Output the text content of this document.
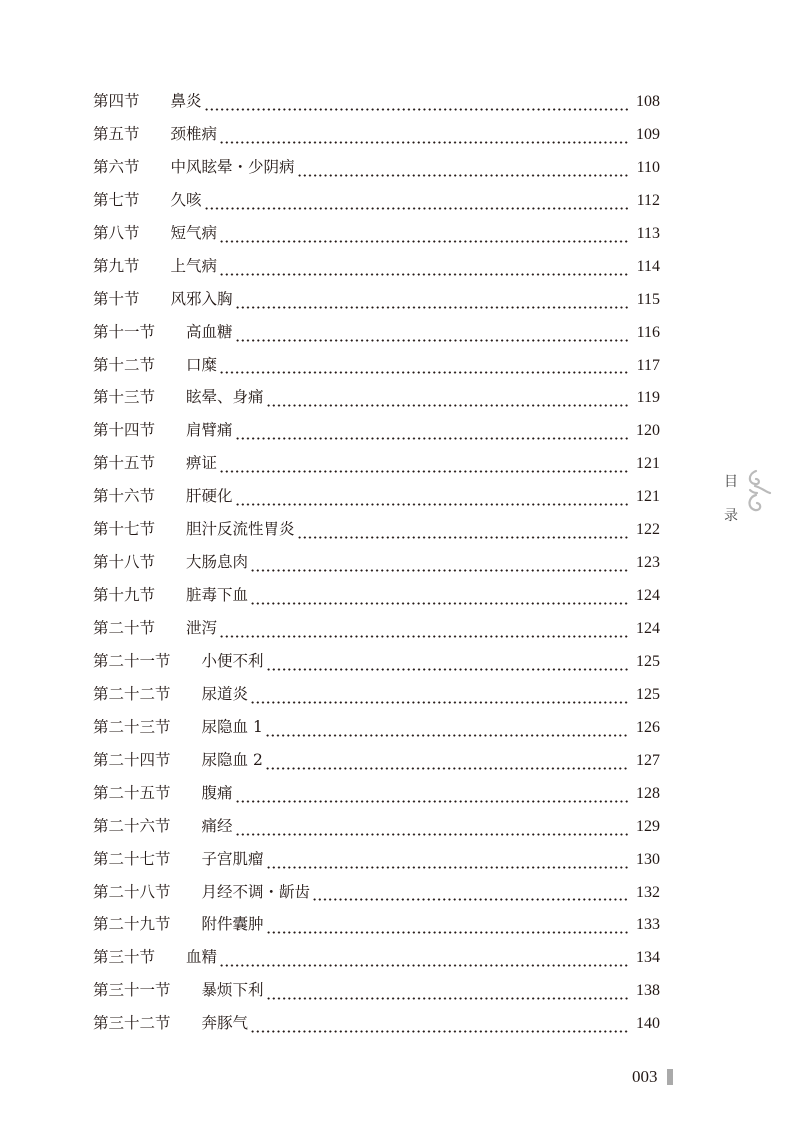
第四节 鼻炎	108
第五节 颈椎病	109
第六节 中风眩晕・少阴病	110
第七节 久咳	112
第八节 短气病	113
第九节 上气病	114
第十节 风邪入胸	115
第十一节 高血糖	116
第十二节 口糜	117
第十三节 眩晕、身痛	119
第十四节 肩臂痛	120
第十五节 痹证	121
第十六节 肝硬化	121
第十七节 胆汁反流性胃炎	122
第十八节 大肠息肉	123
第十九节 脏毒下血	124
第二十节 泄泻	124
第二十一节 小便不利	125
第二十二节 尿道炎	125
第二十三节 尿隐血 1	126
第二十四节 尿隐血 2	127
第二十五节 腹痛	128
第二十六节 痛经	129
第二十七节 子宫肌瘤	130
第二十八节 月经不调・龂齿	132
第二十九节 附件囊肿	133
第三十节 血精	134
第三十一节 暴烦下利	138
第三十二节 奔豚气	140
目
录
003
